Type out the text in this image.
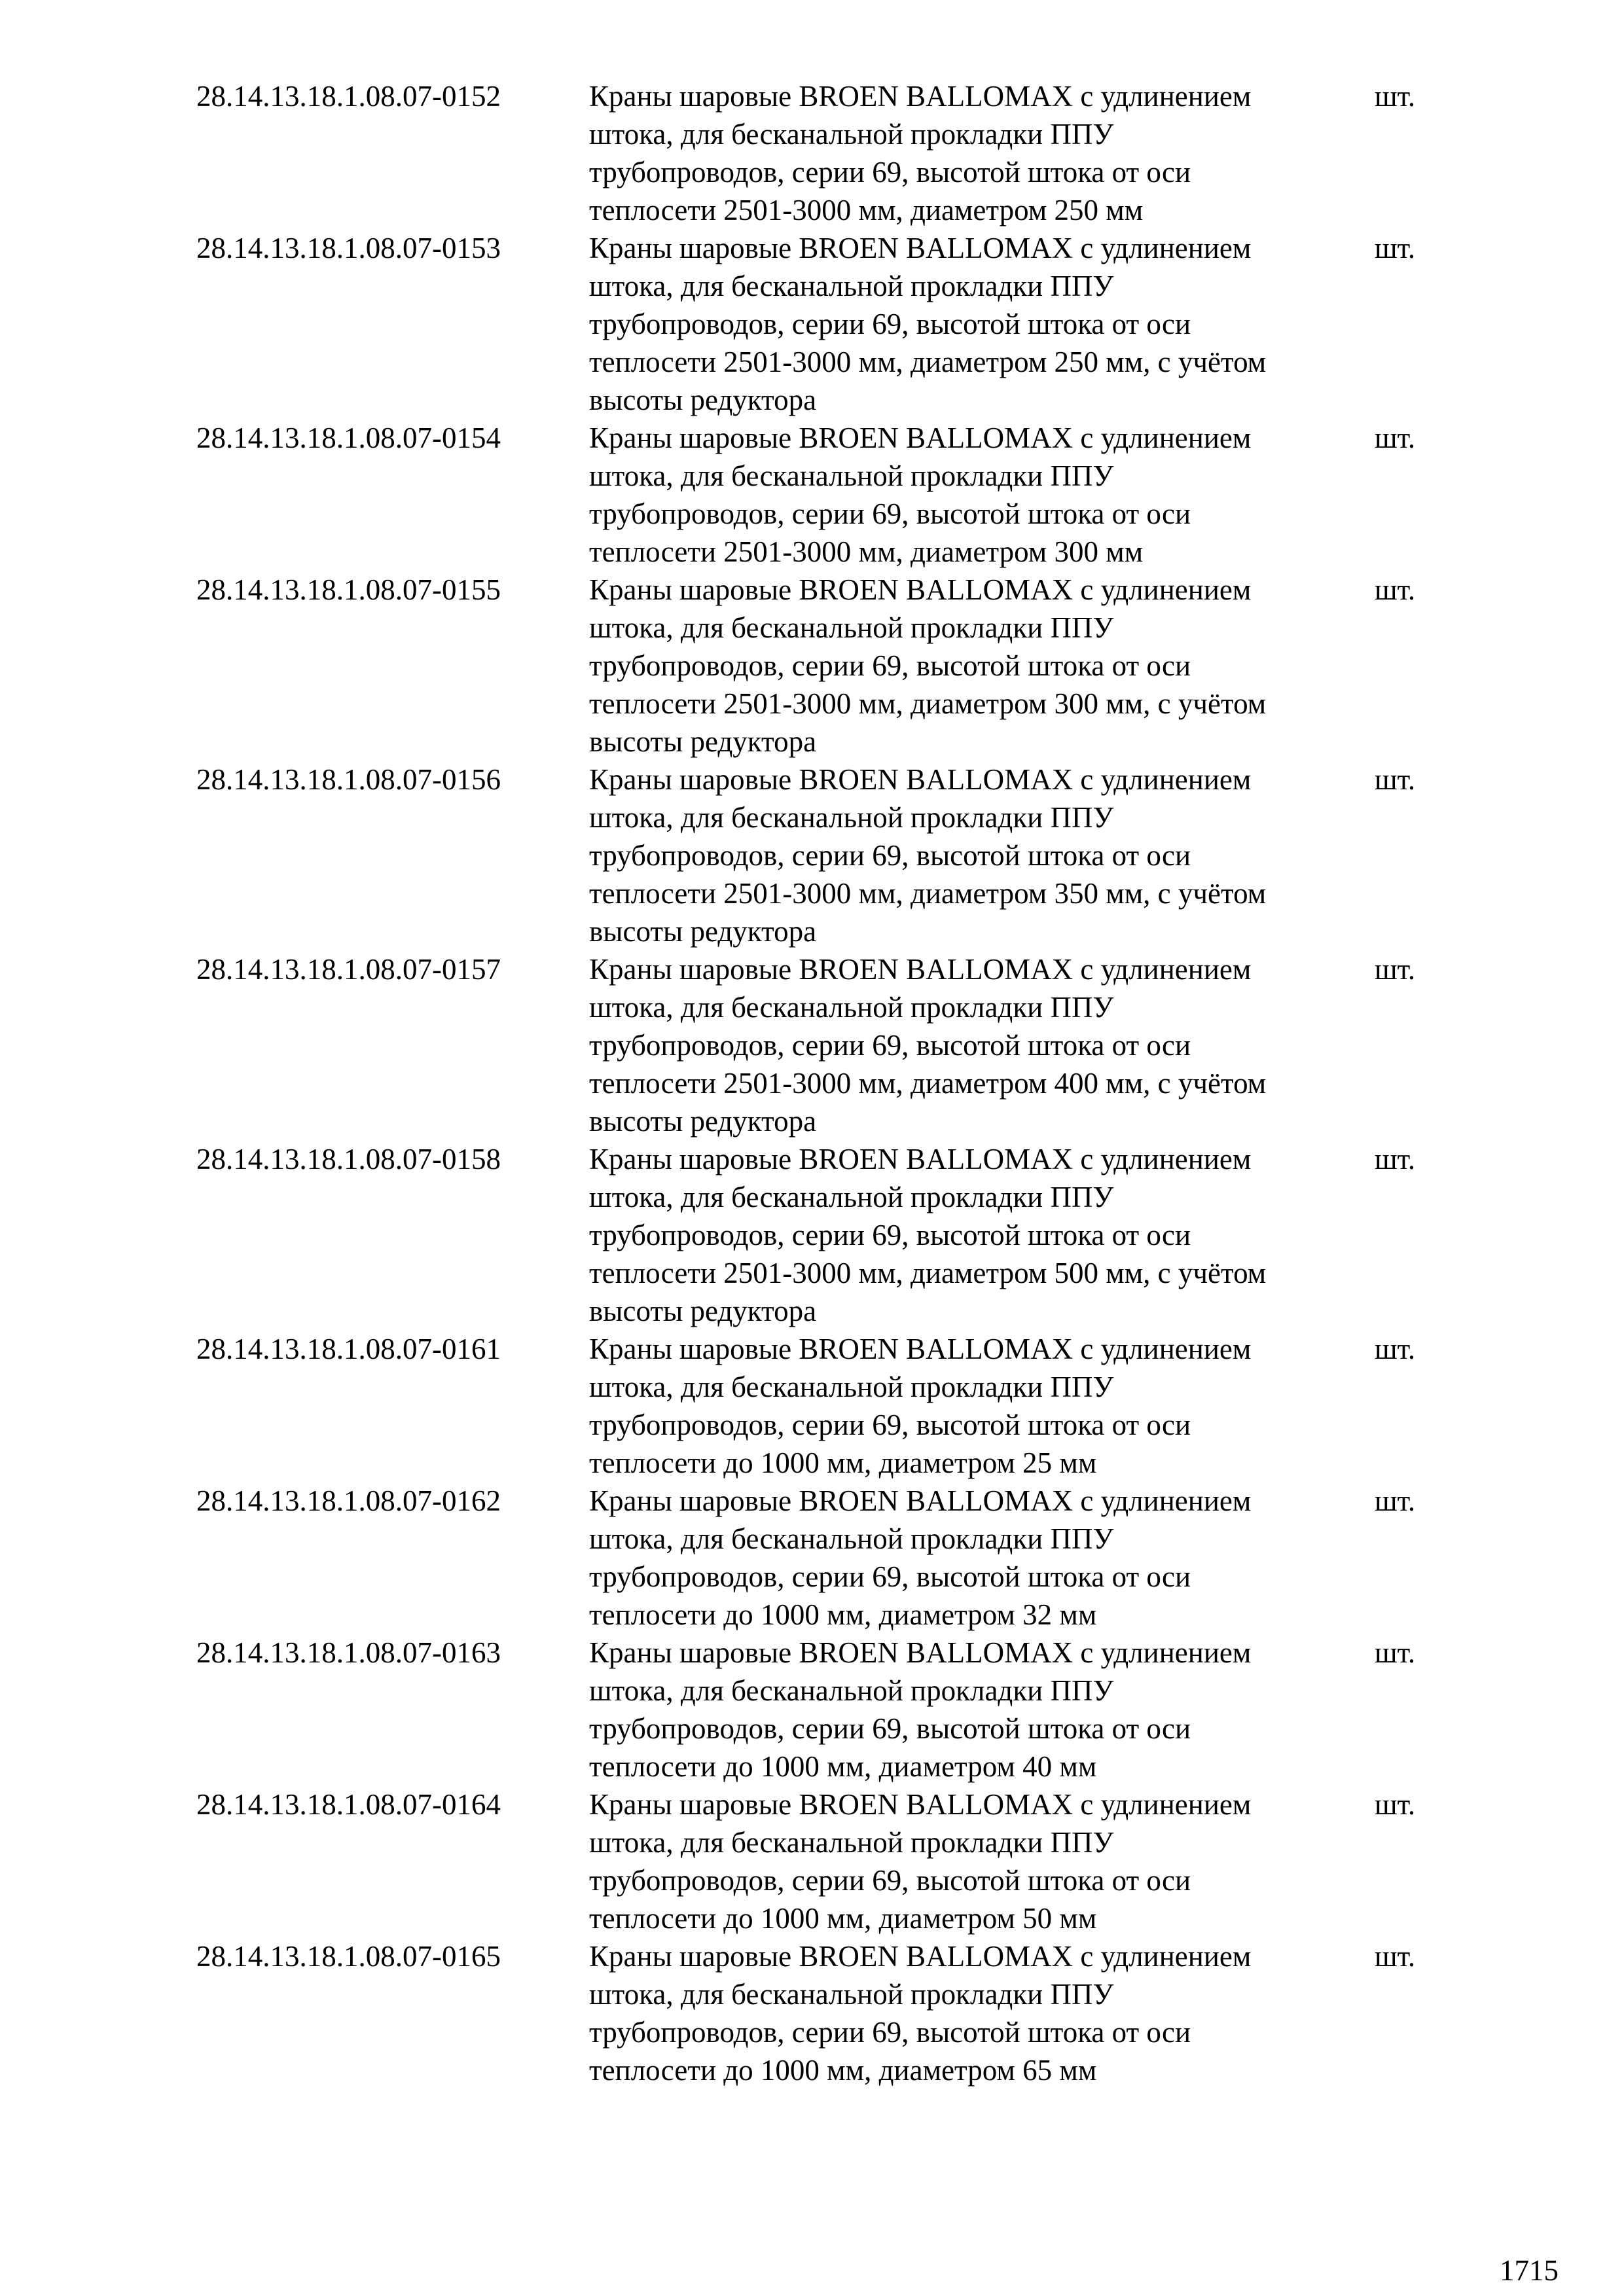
28.14.13.18.1.08.07-0152	Краны шаровые BROEN BALLOMAX с удлинением
штока, для бесканальной прокладки ППУ
трубопроводов, серии 69, высотой штока от оси
теплосети 2501-3000 мм, диаметром 250 мм
шт.
28.14.13.18.1.08.07-0153	Краны шаровые BROEN BALLOMAX с удлинением
штока, для бесканальной прокладки ППУ
трубопроводов, серии 69, высотой штока от оси
теплосети 2501-3000 мм, диаметром 250 мм, с учётом
высоты редуктора
шт.
28.14.13.18.1.08.07-0154	Краны шаровые BROEN BALLOMAX с удлинением
штока, для бесканальной прокладки ППУ
трубопроводов, серии 69, высотой штока от оси
теплосети 2501-3000 мм, диаметром 300 мм
шт.
28.14.13.18.1.08.07-0155	Краны шаровые BROEN BALLOMAX с удлинением
штока, для бесканальной прокладки ППУ
трубопроводов, серии 69, высотой штока от оси
теплосети 2501-3000 мм, диаметром 300 мм, с учётом
высоты редуктора
шт.
28.14.13.18.1.08.07-0156	Краны шаровые BROEN BALLOMAX с удлинением
штока, для бесканальной прокладки ППУ
трубопроводов, серии 69, высотой штока от оси
теплосети 2501-3000 мм, диаметром 350 мм, с учётом
высоты редуктора
шт.
28.14.13.18.1.08.07-0157	Краны шаровые BROEN BALLOMAX с удлинением
штока, для бесканальной прокладки ППУ
трубопроводов, серии 69, высотой штока от оси
теплосети 2501-3000 мм, диаметром 400 мм, с учётом
высоты редуктора
шт.
28.14.13.18.1.08.07-0158	Краны шаровые BROEN BALLOMAX с удлинением
штока, для бесканальной прокладки ППУ
трубопроводов, серии 69, высотой штока от оси
теплосети 2501-3000 мм, диаметром 500 мм, с учётом
высоты редуктора
шт.
28.14.13.18.1.08.07-0161	Краны шаровые BROEN BALLOMAX с удлинением
штока, для бесканальной прокладки ППУ
трубопроводов, серии 69, высотой штока от оси
теплосети до 1000 мм, диаметром 25 мм
шт.
28.14.13.18.1.08.07-0162	Краны шаровые BROEN BALLOMAX с удлинением
штока, для бесканальной прокладки ППУ
трубопроводов, серии 69, высотой штока от оси
теплосети до 1000 мм, диаметром 32 мм
шт.
28.14.13.18.1.08.07-0163	Краны шаровые BROEN BALLOMAX с удлинением
штока, для бесканальной прокладки ППУ
трубопроводов, серии 69, высотой штока от оси
теплосети до 1000 мм, диаметром 40 мм
шт.
28.14.13.18.1.08.07-0164	Краны шаровые BROEN BALLOMAX с удлинением
штока, для бесканальной прокладки ППУ
трубопроводов, серии 69, высотой штока от оси
теплосети до 1000 мм, диаметром 50 мм
шт.
28.14.13.18.1.08.07-0165	Краны шаровые BROEN BALLOMAX с удлинением
штока, для бесканальной прокладки ППУ
трубопроводов, серии 69, высотой штока от оси
теплосети до 1000 мм, диаметром 65 мм
шт.
1715
